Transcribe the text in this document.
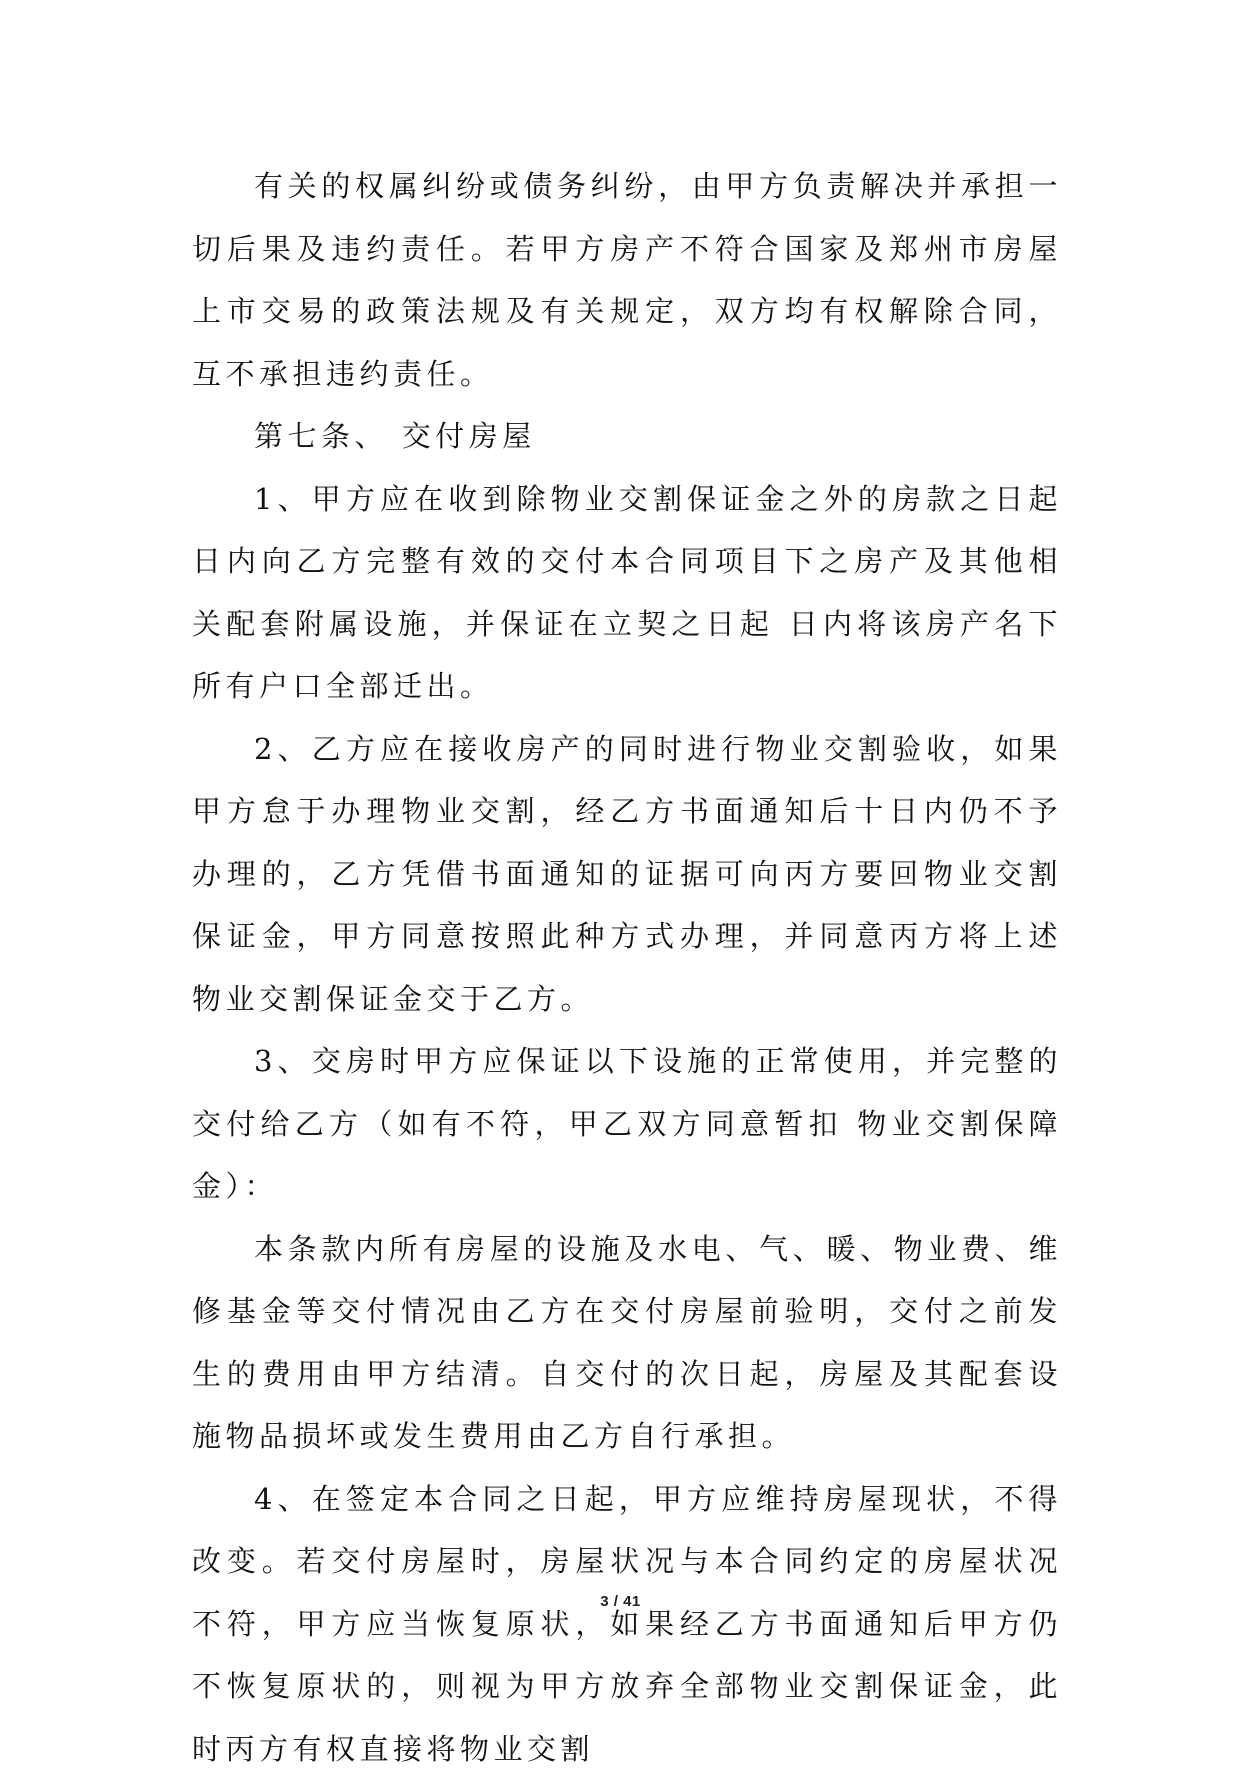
有关的权属纠纷或债务纠纷，由甲方负责解决并承担一切后果及违约责任。若甲方房产不符合国家及郑州市房屋上市交易的政策法规及有关规定，双方均有权解除合同，互不承担违约责任。

第七条、 交付房屋

1、甲方应在收到除物业交割保证金之外的房款之日起 日内向乙方完整有效的交付本合同项目下之房产及其他相关配套附属设施，并保证在立契之日起 日内将该房产名下所有户口全部迁出。

2、乙方应在接收房产的同时进行物业交割验收，如果甲方怠于办理物业交割，经乙方书面通知后十日内仍不予办理的，乙方凭借书面通知的证据可向丙方要回物业交割保证金，甲方同意按照此种方式办理，并同意丙方将上述物业交割保证金交于乙方。

3、交房时甲方应保证以下设施的正常使用，并完整的交付给乙方（如有不符，甲乙双方同意暂扣 物业交割保障金）：

本条款内所有房屋的设施及水电、气、暖、物业费、维修基金等交付情况由乙方在交付房屋前验明，交付之前发生的费用由甲方结清。自交付的次日起，房屋及其配套设施物品损坏或发生费用由乙方自行承担。

4、在签定本合同之日起，甲方应维持房屋现状，不得改变。若交付房屋时，房屋状况与本合同约定的房屋状况不符，甲方应当恢复原状，如果经乙方书面通知后甲方仍不恢复原状的，则视为甲方放弃全部物业交割保证金，此时丙方有权直接将物业交割

3 / 41
